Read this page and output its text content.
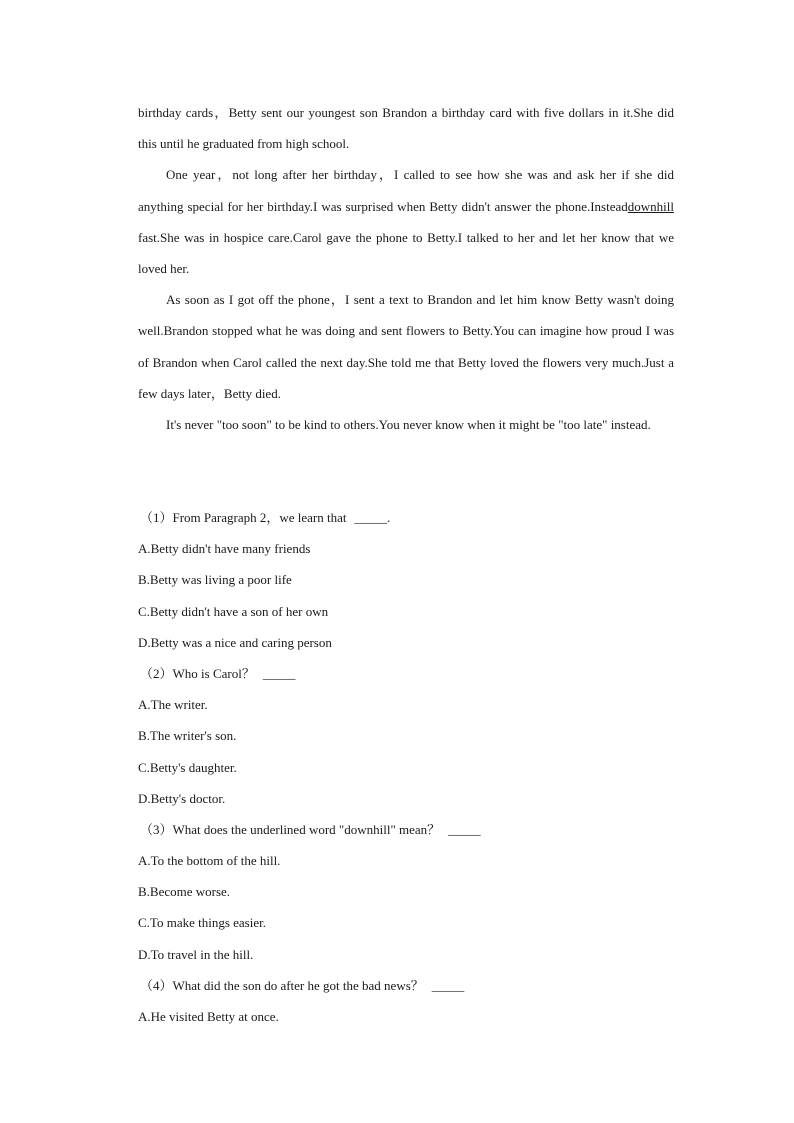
birthday cards，Betty sent our youngest son Brandon a birthday card with five dollars in it.She did this until he graduated from high school.

One year，not long after her birthday，I called to see how she was and ask her if she did anything special for her birthday.I was surprised when Betty didn't answer the phone.Insteaddownhill fast.She was in hospice care.Carol gave the phone to Betty.I talked to her and let her know that we loved her.

As soon as I got off the phone，I sent a text to Brandon and let him know Betty wasn't doing well.Brandon stopped what he was doing and sent flowers to Betty.You can imagine how proud I was of Brandon when Carol called the next day.She told me that Betty loved the flowers very much.Just a few days later，Betty died.

It's never "too soon" to be kind to others.You never know when it might be "too late" instead.

（1）From Paragraph 2，we learn that _____.
A.Betty didn't have many friends
B.Betty was living a poor life
C.Betty didn't have a son of her own
D.Betty was a nice and caring person
（2）Who is Carol？ _____
A.The writer.
B.The writer's son.
C.Betty's daughter.
D.Betty's doctor.
（3）What does the underlined word "downhill" mean？ _____
A.To the bottom of the hill.
B.Become worse.
C.To make things easier.
D.To travel in the hill.
（4）What did the son do after he got the bad news？ _____
A.He visited Betty at once.
